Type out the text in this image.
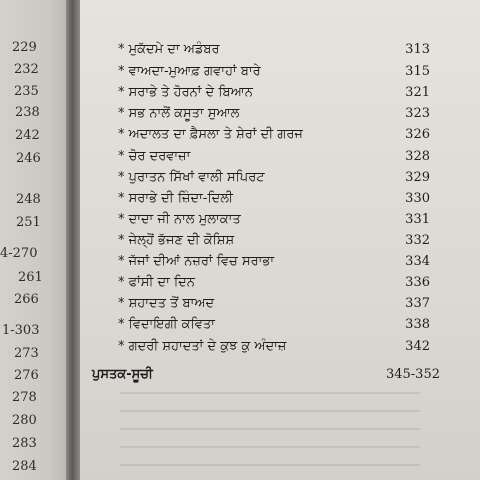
229
232
235
238
242
246
248
251
4-270
261
266
1-303
273
276
278
280
283
284
* ਮੁਕੱਦਮੇ ਦਾ ਅਡੰਬਰ	313
* ਵਾਅਦਾ-ਮੁਆਫ਼ ਗਵਾਹਾਂ ਬਾਰੇ	315
* ਸਰਾਭੇ ਤੇ ਹੋਰਨਾਂ ਦੇ ਬਿਆਨ	321
* ਸਭ ਨਾਲੋਂ ਕਸੂਤਾ ਸੁਆਲ	323
* ਅਦਾਲਤ ਦਾ ਫ਼ੈਸਲਾ ਤੇ ਸ਼ੇਰਾਂ ਦੀ ਗਰਜ	326
* ਚੋਰ ਦਰਵਾਜ਼ਾ	328
* ਪੁਰਾਤਨ ਸਿੱਖਾਂ ਵਾਲੀ ਸਪਿਰਟ	329
* ਸਰਾਭੇ ਦੀ ਜ਼ਿੰਦਾ-ਦਿਲੀ	330
* ਦਾਦਾ ਜੀ ਨਾਲ ਮੁਲਾਕਾਤ	331
* ਜੇਲ੍ਹੋਂ ਭੱਜਣ ਦੀ ਕੋਸ਼ਿਸ਼	332
* ਜੱਜਾਂ ਦੀਆਂ ਨਜ਼ਰਾਂ ਵਿਚ ਸਰਾਭਾ	334
* ਫਾਂਸੀ ਦਾ ਦਿਨ	336
* ਸ਼ਹਾਦਤ ਤੋਂ ਬਾਅਦ	337
* ਵਿਦਾਇਗੀ ਕਵਿਤਾ	338
* ਗਦਰੀ ਸ਼ਹਾਦਤਾਂ ਦੇ ਕੁਝ ਕੁ ਅੰਦਾਜ਼	342
ਪੁਸਤਕ-ਸੂਚੀ	345-352
